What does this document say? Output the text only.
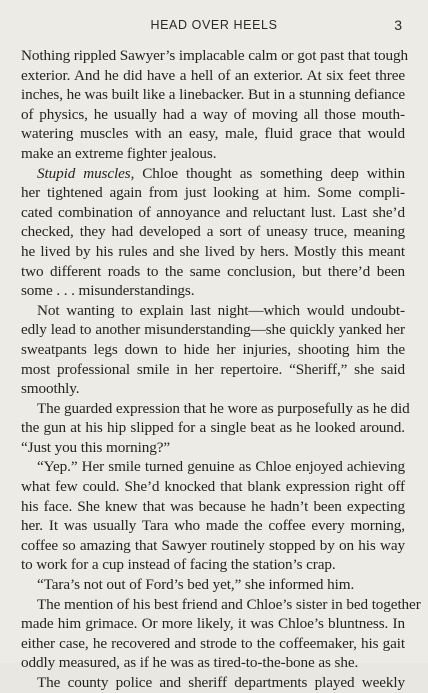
HEAD OVER HEELS	3
Nothing rippled Sawyer’s implacable calm or got past that tough
exterior. And he did have a hell of an exterior. At six feet three
inches, he was built like a linebacker. But in a stunning defiance
of physics, he usually had a way of moving all those mouth-
watering muscles with an easy, male, fluid grace that would
make an extreme fighter jealous.
Stupid muscles, Chloe thought as something deep within
her tightened again from just looking at him. Some compli-
cated combination of annoyance and reluctant lust. Last she’d
checked, they had developed a sort of uneasy truce, meaning
he lived by his rules and she lived by hers. Mostly this meant
two different roads to the same conclusion, but there’d been
some . . . misunderstandings.
Not wanting to explain last night—which would undoubt-
edly lead to another misunderstanding—she quickly yanked her
sweatpants legs down to hide her injuries, shooting him the
most professional smile in her repertoire. “Sheriff,” she said
smoothly.
The guarded expression that he wore as purposefully as he did
the gun at his hip slipped for a single beat as he looked around.
“Just you this morning?”
“Yep.” Her smile turned genuine as Chloe enjoyed achieving
what few could. She’d knocked that blank expression right off
his face. She knew that was because he hadn’t been expecting
her. It was usually Tara who made the coffee every morning,
coffee so amazing that Sawyer routinely stopped by on his way
to work for a cup instead of facing the station’s crap.
“Tara’s not out of Ford’s bed yet,” she informed him.
The mention of his best friend and Chloe’s sister in bed together
made him grimace. Or more likely, it was Chloe’s bluntness. In
either case, he recovered and strode to the coffeemaker, his gait
oddly measured, as if he was as tired-to-the-bone as she.
The county police and sheriff departments played weekly
